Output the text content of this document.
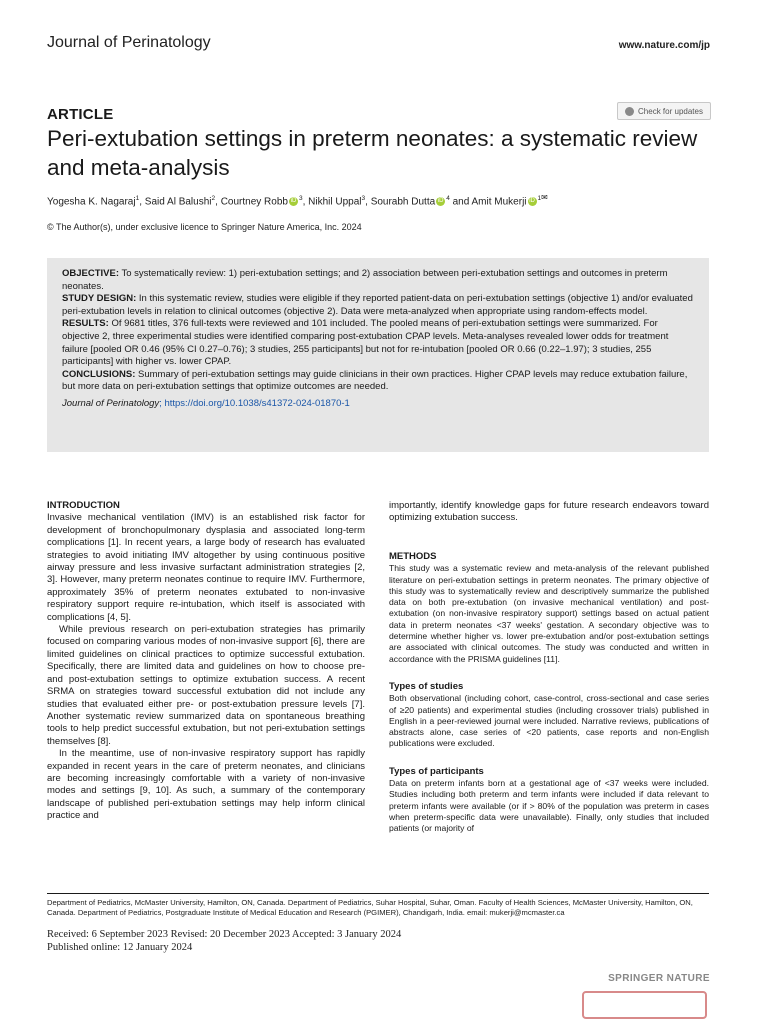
Journal of Perinatology	www.nature.com/jp
ARTICLE	Check for updates
Peri-extubation settings in preterm neonates: a systematic review and meta-analysis
Yogesha K. Nagaraj$^1$, Said Al Balushi$^2$, Courtney Robb iD $^3$, Nikhil Uppal$^3$, Sourabh Dutta iD $^4$ and Amit Mukerji iD $^{1✉}$
© The Author(s), under exclusive licence to Springer Nature America, Inc. 2024

OBJECTIVE: To systematically review: 1) peri-extubation settings; and 2) association between peri-extubation settings and outcomes in preterm neonates.

STUDY DESIGN: In this systematic review, studies were eligible if they reported patient-data on peri-extubation settings (objective 1) and/or evaluated peri-extubation levels in relation to clinical outcomes (objective 2). Data were meta-analyzed when appropriate using random-effects model.

RESULTS: Of 9681 titles, 376 full-texts were reviewed and 101 included. The pooled means of peri-extubation settings were summarized. For objective 2, three experimental studies were identified comparing post-extubation CPAP levels. Meta-analyses revealed lower odds for treatment failure [pooled OR 0.46 (95% CI 0.27–0.76); 3 studies, 255 participants] but not for re-intubation [pooled OR 0.66 (0.22–1.97); 3 studies, 255 participants] with higher vs. lower CPAP.

CONCLUSIONS: Summary of peri-extubation settings may guide clinicians in their own practices. Higher CPAP levels may reduce extubation failure, but more data on peri-extubation settings that optimize outcomes are needed.

Journal of Perinatology; https://doi.org/10.1038/s41372-024-01870-1

INTRODUCTION

Invasive mechanical ventilation (IMV) is an established risk factor for development of bronchopulmonary dysplasia and associated long-term complications [1]. In recent years, a large body of research has evaluated strategies to avoid initiating IMV altogether by using continuous positive airway pressure and less invasive surfactant administration strategies [2, 3]. However, many preterm neonates continue to require IMV. Furthermore, approximately 35% of preterm neonates extubated to non-invasive respiratory support require re-intubation, which itself is associated with complications [4, 5].

While previous research on peri-extubation strategies has primarily focused on comparing various modes of non-invasive support [6], there are limited guidelines on clinical practices to optimize successful extubation. Specifically, there are limited data and guidelines on how to choose pre- and post-extubation settings to optimize extubation success. A recent SRMA on strategies toward successful extubation did not include any studies that evaluated either pre- or post-extubation pressure levels [7]. Another systematic review summarized data on spontaneous breathing tools to help predict successful extubation, but not peri-extubation settings themselves [8].

In the meantime, use of non-invasive respiratory support has rapidly expanded in recent years in the care of preterm neonates, and clinicians are becoming increasingly comfortable with a variety of non-invasive modes and settings [9, 10]. As such, a summary of the contemporary landscape of published peri-extubation settings may help inform clinical practice and

importantly, identify knowledge gaps for future research endeavors toward optimizing extubation success.

METHODS

This study was a systematic review and meta-analysis of the relevant published literature on peri-extubation settings in preterm neonates. The primary objective of this study was to systematically review and descriptively summarize the published data on both pre-extubation (on invasive mechanical ventilation) and post-extubation (on non-invasive respiratory support) settings based on actual patient data in preterm neonates <37 weeks' gestation. A secondary objective was to determine whether higher vs. lower pre-extubation and/or post-extubation settings are associated with clinical outcomes. The study was conducted and written in accordance with the PRISMA guidelines [11].

Types of studies

Both observational (including cohort, case-control, cross-sectional and case series of ≥20 patients) and experimental studies (including crossover trials) published in English in a peer-reviewed journal were included. Narrative reviews, publications of abstracts alone, case series of <20 patients, case reports and non-English publications were excluded.

Types of participants

Data on preterm infants born at a gestational age of <37 weeks were included. Studies including both preterm and term infants were included if data relevant to preterm infants were available (or if > 80% of the population was preterm in cases when preterm-specific data were unavailable). Finally, only studies that included patients (or majority of

Department of Pediatrics, McMaster University, Hamilton, ON, Canada. Department of Pediatrics, Suhar Hospital, Suhar, Oman. Faculty of Health Sciences, McMaster University, Hamilton, ON, Canada. Department of Pediatrics, Postgraduate Institute of Medical Education and Research (PGIMER), Chandigarh, India. email: mukerji@mcmaster.ca
Received: 6 September 2023 Revised: 20 December 2023 Accepted: 3 January 2024
Published online: 12 January 2024
SPRINGER NATURE
